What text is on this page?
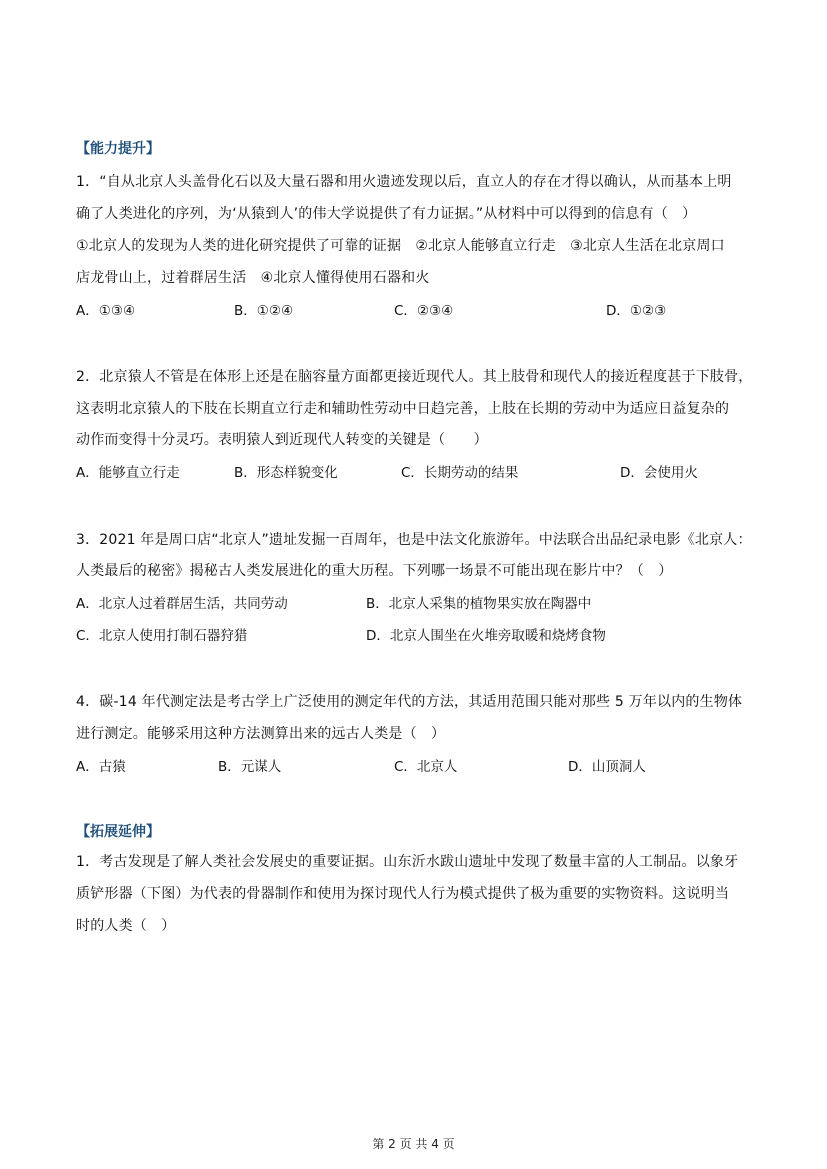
【能力提升】
1．“自从北京人头盖骨化石以及大量石器和用火遗迹发现以后，直立人的存在才得以确认，从而基本上明
确了人类进化的序列，为‘从猿到人’的伟大学说提供了有力证据。”从材料中可以得到的信息有（　）
①北京人的发现为人类的进化研究提供了可靠的证据　②北京人能够直立行走　③北京人生活在北京周口
店龙骨山上，过着群居生活　④北京人懂得使用石器和火
A．①③④	B．①②④	C．②③④	D．①②③
2．北京猿人不管是在体形上还是在脑容量方面都更接近现代人。其上肢骨和现代人的接近程度甚于下肢骨，
这表明北京猿人的下肢在长期直立行走和辅助性劳动中日趋完善，上肢在长期的劳动中为适应日益复杂的
动作而变得十分灵巧。表明猿人到近现代人转变的关键是（　　）
A．能够直立行走	B．形态样貌变化	C．长期劳动的结果	D．会使用火
3．2021 年是周口店“北京人”遗址发掘一百周年，也是中法文化旅游年。中法联合出品纪录电影《北京人：
人类最后的秘密》揭秘古人类发展进化的重大历程。下列哪一场景不可能出现在影片中？（　）
A．北京人过着群居生活，共同劳动	B．北京人采集的植物果实放在陶器中
C．北京人使用打制石器狩猎	D．北京人围坐在火堆旁取暖和烧烤食物
4．碳-14 年代测定法是考古学上广泛使用的测定年代的方法，其适用范围只能对那些 5 万年以内的生物体
进行测定。能够采用这种方法测算出来的远古人类是（　）
A．古猿	B．元谋人	C．北京人	D．山顶洞人
【拓展延伸】
1．考古发现是了解人类社会发展史的重要证据。山东沂水跋山遗址中发现了数量丰富的人工制品。以象牙
质铲形器（下图）为代表的骨器制作和使用为探讨现代人行为模式提供了极为重要的实物资料。这说明当
时的人类（　）
第 2 页 共 4 页
